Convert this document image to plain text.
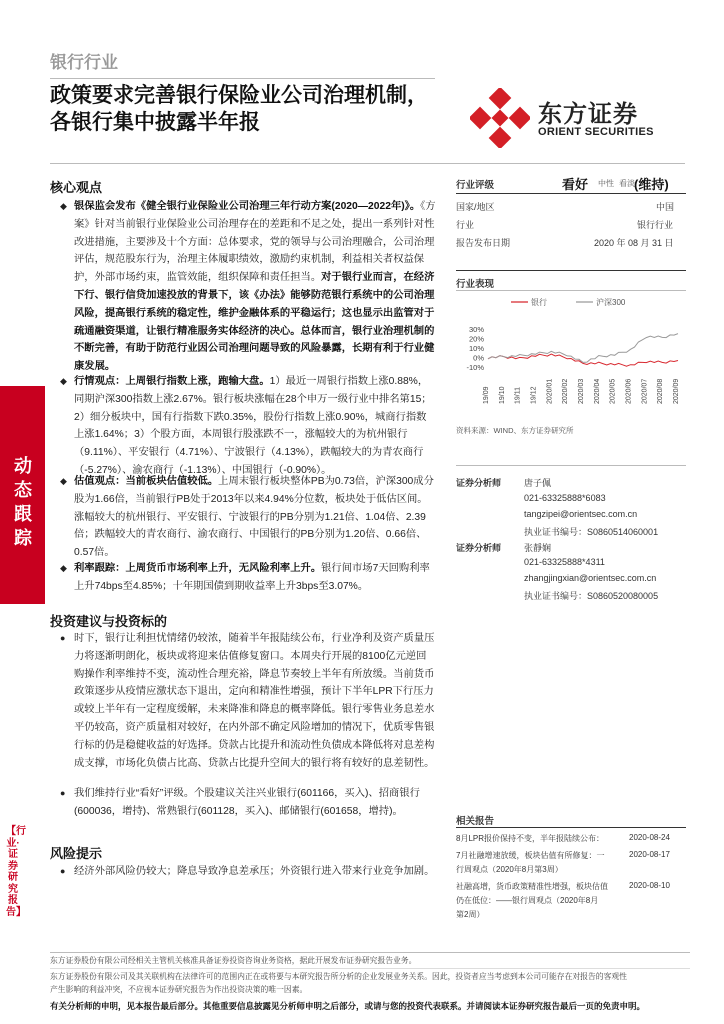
银行行业
政策要求完善银行保险业公司治理机制，各银行集中披露半年报	东方证券
ORIENT SECURITIES
核心观点
◆ 银保监会发布《健全银行业保险业公司治理三年行动方案(2020—2022年)》。《方案》针对当前银行业保险业公司治理存在的差距和不足之处，提出一系列针对性改进措施，主要涉及十个方面：总体要求，党的领导与公司治理融合，公司治理评估，规范股东行为，治理主体履职绩效，激励约束机制，利益相关者权益保护，外部市场约束，监管效能，组织保障和责任担当。对于银行业而言，在经济下行、银行信贷加速投放的背景下，该《办法》能够防范银行系统中的公司治理风险，提高银行系统的稳定性，维护金融体系的平稳运行；这也显示出监管对于疏通融资渠道，让银行精准服务实体经济的决心。总体而言，银行业治理机制的不断完善，有助于防范行业因公司治理问题导致的风险暴露，长期有利于行业健康发展。
◆ 行情观点：上周银行指数上涨，跑输大盘。1）最近一周银行指数上涨0.88%，同期沪深300指数上涨2.67%。银行板块涨幅在28个申万一级行业中排名第15；2）细分板块中，国有行指数下跌0.35%，股份行指数上涨0.90%，城商行指数上涨1.64%；3）个股方面，本周银行股涨跌不一，涨幅较大的为杭州银行（9.11%）、平安银行（4.71%）、宁波银行（4.13%），跌幅较大的为青农商行（-5.27%）、渝农商行（-1.13%）、中国银行（-0.90%）。
◆ 估值观点：当前板块估值较低。上周末银行板块整体PB为0.73倍，沪深300成分股为1.66倍，当前银行PB处于2013年以来4.94%分位数，板块处于低估区间。涨幅较大的杭州银行、平安银行、宁波银行的PB分别为1.21倍、1.04倍、2.39倍；跌幅较大的青农商行、渝农商行、中国银行的PB分别为1.20倍、0.66倍、0.57倍。
◆ 利率跟踪：上周货币市场利率上升，无风险利率上升。银行间市场7天回购利率上升74bps至4.85%；十年期国债到期收益率上升3bps至3.07%。
投资建议与投资标的
● 时下，银行让利担忧情绪仍较浓，随着半年报陆续公布，行业净利及资产质量压力将逐渐明朗化，板块或将迎来估值修复窗口。本周央行开展的8100亿元逆回购操作利率维持不变，流动性合理充裕，降息节奏较上半年有所放缓。当前货币政策逐步从疫情应激状态下退出，定向和精准性增强，预计下半年LPR下行压力或较上半年有一定程度缓解，未来降准和降息的概率降低。银行零售业务息差水平仍较高，资产质量相对较好，在内外部不确定风险增加的情况下，优质零售银行标的仍是稳健收益的好选择。贷款占比提升和流动性负债成本降低将对息差构成支撑，市场化负债占比高、贷款占比提升空间大的银行将有较好的息差韧性。
● 我们维持行业“看好”评级。个股建议关注兴业银行(601166，买入)、招商银行(600036，增持)、常熟银行(601128，买入)、邮储银行(601658，增持)。
风险提示
● 经济外部风险仍较大；降息导致净息差承压；外资银行进入带来行业竞争加剧。
动态跟踪
【行业·证券研究报告】
行业评级	看好 中性 看淡 (维持)
国家/地区	中国
行业	银行行业
报告发布日期	2020 年 08 月 31 日
行业表现
银行	沪深300
30%
20%
10%
0%
-10%
19/09 19/10 19/11 19/12 2020/01 2020/02 2020/03 2020/04 2020/05 2020/06 2020/07 2020/08 2020/09
资料来源：WIND、东方证券研究所
证券分析师	唐子佩
021-63325888*6083
tangzipei@orientsec.com.cn
执业证书编号：S0860514060001
证券分析师	张靜娴
021-63325888*4311
zhangjingxian@orientsec.com.cn
执业证书编号：S0860520080005
相关报告
8月LPR报价保持不变，半年报陆续公布：	2020-08-24
7月社融增速放缓，板块估值有所修复：一
行周观点（2020年8月第3周）
2020-08-17
社融高增，货币政策精准性增强，板块估值
仍在低位：——银行周观点（2020年8月
第2周）
2020-08-10
东方证券股份有限公司经相关主管机关核准具备证券投资咨询业务资格，据此开展发布证券研究报告业务。
东方证券股份有限公司及其关联机构在法律许可的范围内正在或将要与本研究报告所分析的企业发展业务关系。因此，投资者应当考虑到本公司可能存在对报告的客观性
产生影响的利益冲突，不应视本证券研究报告为作出投资决策的唯一因素。
有关分析师的申明，见本报告最后部分。其他重要信息披露见分析师申明之后部分，或请与您的投资代表联系。并请阅读本证券研究报告最后一页的免责申明。
